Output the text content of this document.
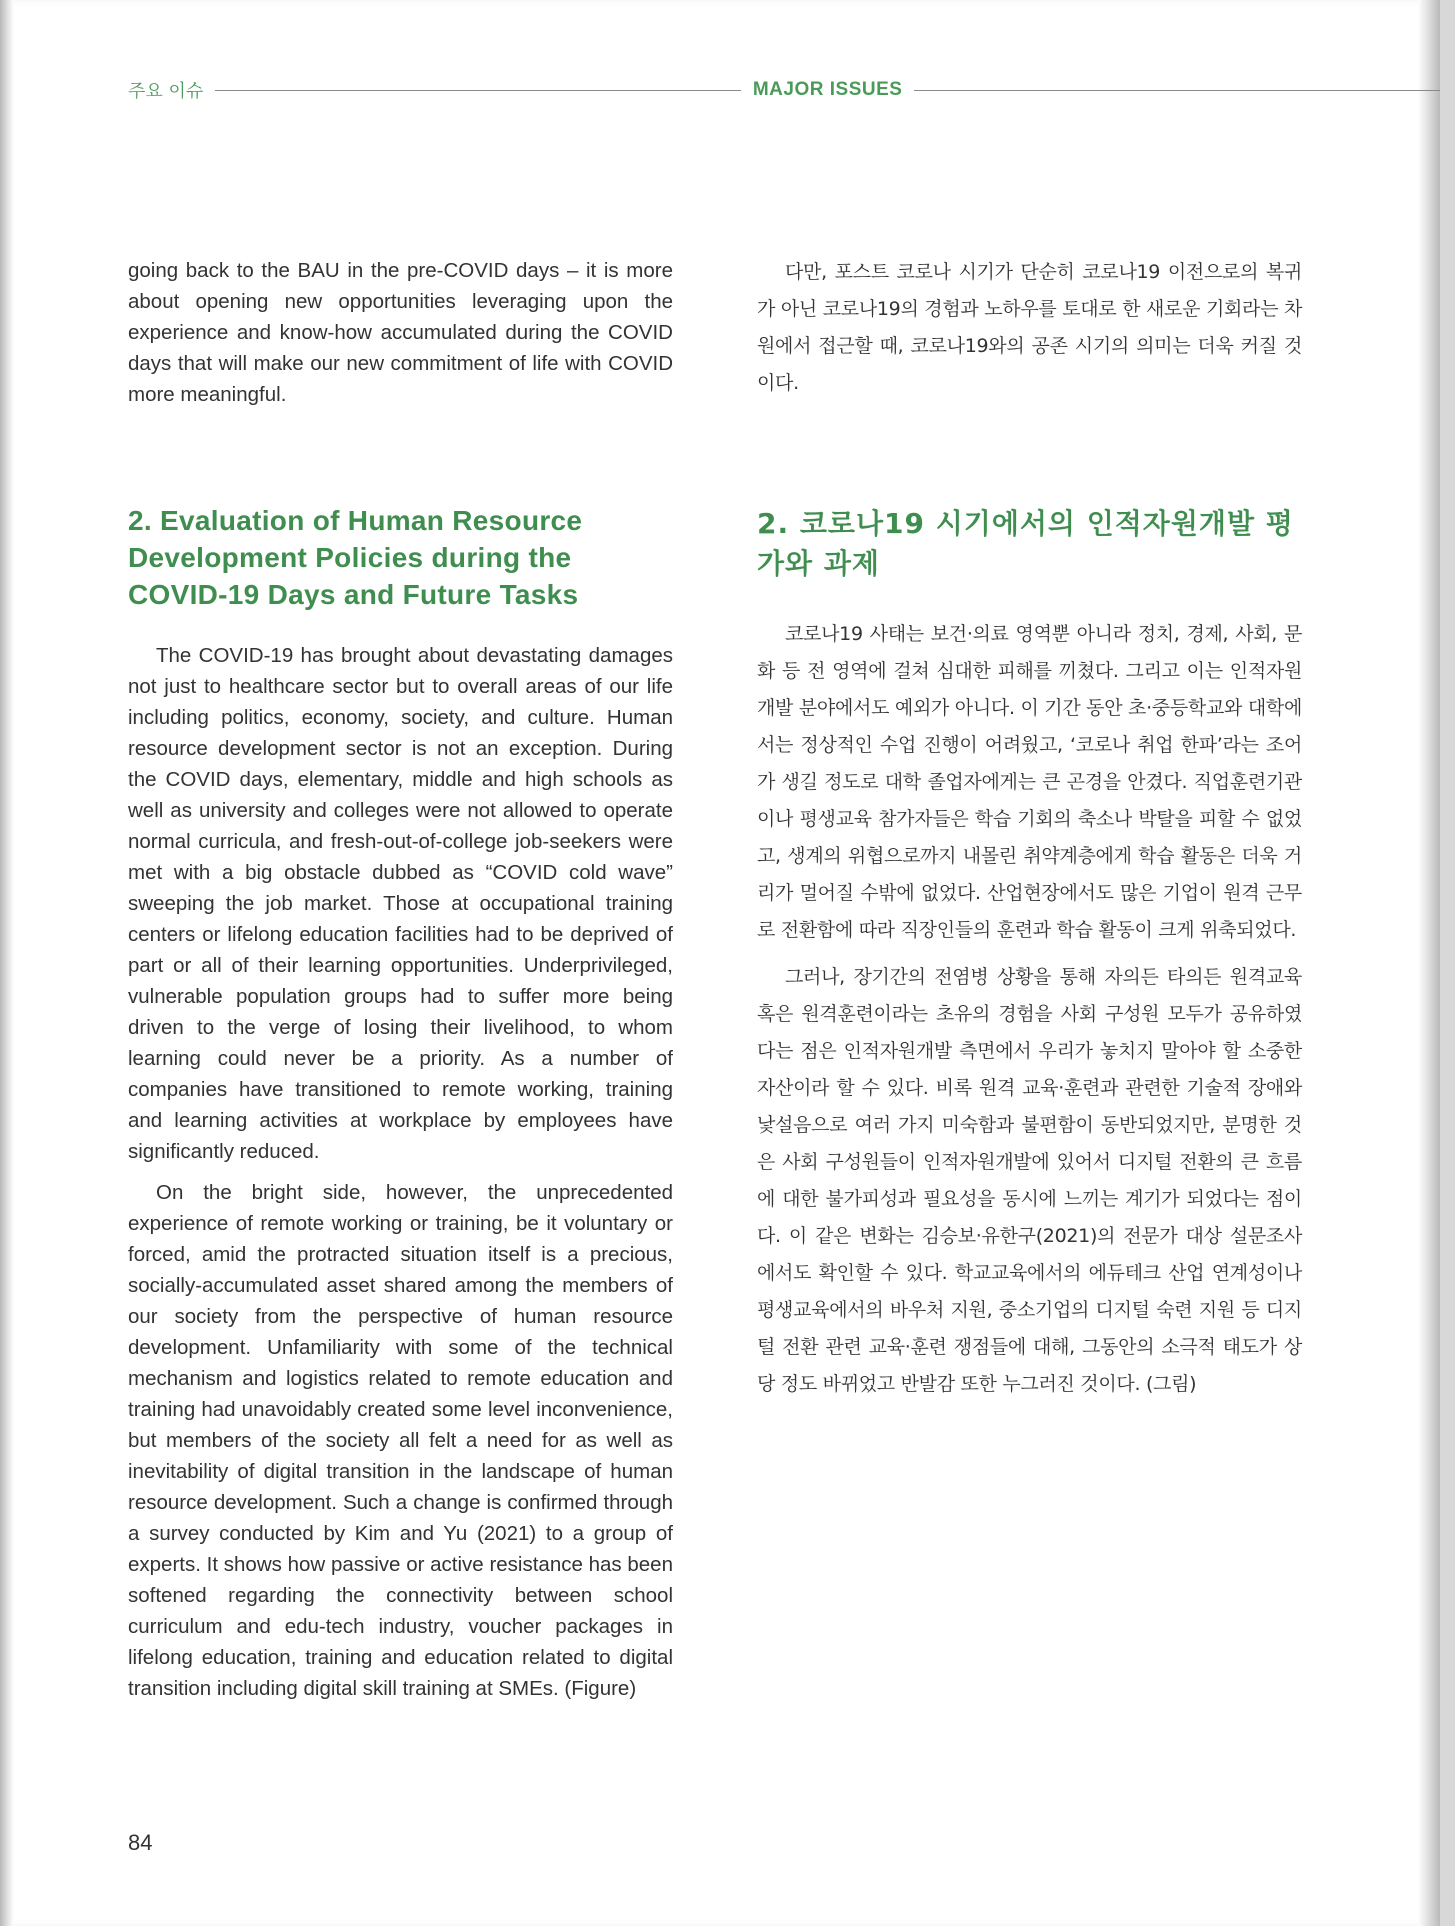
주요 이슈	MAJOR ISSUES

going back to the BAU in the pre-COVID days – it is more about opening new opportunities leveraging upon the experience and know-how accumulated during the COVID days that will make our new commitment of life with COVID more meaningful.

2. Evaluation of Human Resource Development Policies during the COVID-19 Days and Future Tasks

The COVID-19 has brought about devastating damages not just to healthcare sector but to overall areas of our life including politics, economy, society, and culture. Human resource development sector is not an exception. During the COVID days, elementary, middle and high schools as well as university and colleges were not allowed to operate normal curricula, and fresh-out-of-college job-seekers were met with a big obstacle dubbed as “COVID cold wave” sweeping the job market. Those at occupational training centers or lifelong education facilities had to be deprived of part or all of their learning opportunities. Underprivileged, vulnerable population groups had to suffer more being driven to the verge of losing their livelihood, to whom learning could never be a priority. As a number of companies have transitioned to remote working, training and learning activities at workplace by employees have significantly reduced.

On the bright side, however, the unprecedented experience of remote working or training, be it voluntary or forced, amid the protracted situation itself is a precious, socially-accumulated asset shared among the members of our society from the perspective of human resource development. Unfamiliarity with some of the technical mechanism and logistics related to remote education and training had unavoidably created some level inconvenience, but members of the society all felt a need for as well as inevitability of digital transition in the landscape of human resource development. Such a change is confirmed through a survey conducted by Kim and Yu (2021) to a group of experts. It shows how passive or active resistance has been softened regarding the connectivity between school curriculum and edu-tech industry, voucher packages in lifelong education, training and education related to digital transition including digital skill training at SMEs. (Figure)

다만, 포스트 코로나 시기가 단순히 코로나19 이전으로의 복귀가 아닌 코로나19의 경험과 노하우를 토대로 한 새로운 기회라는 차원에서 접근할 때, 코로나19와의 공존 시기의 의미는 더욱 커질 것이다.

2. 코로나19 시기에서의 인적자원개발 평가와 과제

코로나19 사태는 보건·의료 영역뿐 아니라 정치, 경제, 사회, 문화 등 전 영역에 걸쳐 심대한 피해를 끼쳤다. 그리고 이는 인적자원개발 분야에서도 예외가 아니다. 이 기간 동안 초·중등학교와 대학에서는 정상적인 수업 진행이 어려웠고, ‘코로나 취업 한파’라는 조어가 생길 정도로 대학 졸업자에게는 큰 곤경을 안겼다. 직업훈련기관이나 평생교육 참가자들은 학습 기회의 축소나 박탈을 피할 수 없었고, 생계의 위협으로까지 내몰린 취약계층에게 학습 활동은 더욱 거리가 멀어질 수밖에 없었다. 산업현장에서도 많은 기업이 원격 근무로 전환함에 따라 직장인들의 훈련과 학습 활동이 크게 위축되었다.

그러나, 장기간의 전염병 상황을 통해 자의든 타의든 원격교육 혹은 원격훈련이라는 초유의 경험을 사회 구성원 모두가 공유하였다는 점은 인적자원개발 측면에서 우리가 놓치지 말아야 할 소중한 자산이라 할 수 있다. 비록 원격 교육·훈련과 관련한 기술적 장애와 낯설음으로 여러 가지 미숙함과 불편함이 동반되었지만, 분명한 것은 사회 구성원들이 인적자원개발에 있어서 디지털 전환의 큰 흐름에 대한 불가피성과 필요성을 동시에 느끼는 계기가 되었다는 점이다. 이 같은 변화는 김승보·유한구(2021)의 전문가 대상 설문조사에서도 확인할 수 있다. 학교교육에서의 에듀테크 산업 연계성이나 평생교육에서의 바우처 지원, 중소기업의 디지털 숙련 지원 등 디지털 전환 관련 교육·훈련 쟁점들에 대해, 그동안의 소극적 태도가 상당 정도 바뀌었고 반발감 또한 누그러진 것이다. (그림)

84
